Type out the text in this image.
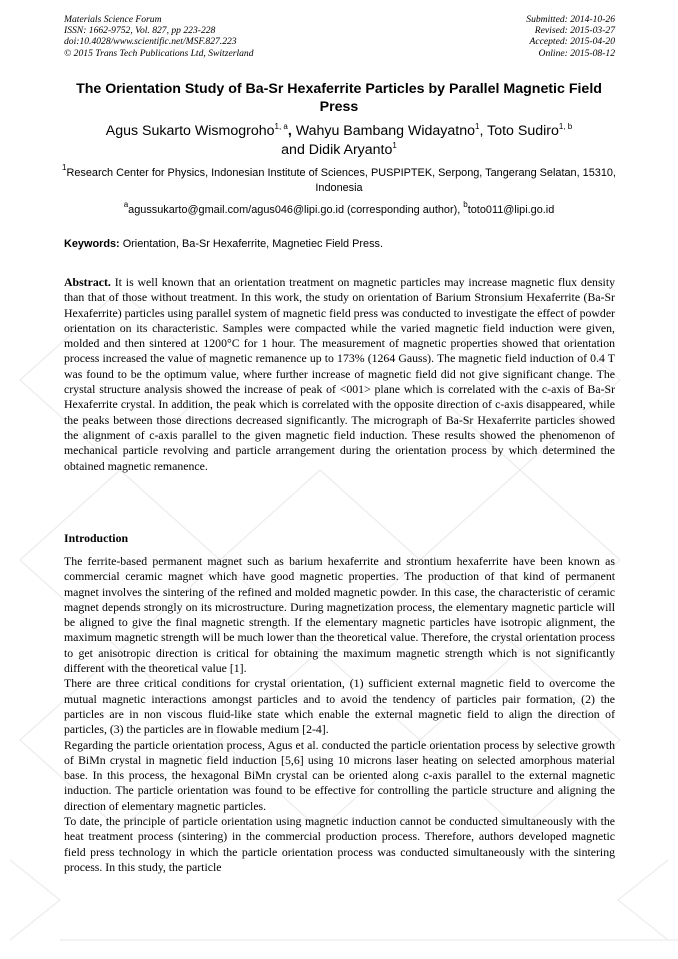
Materials Science Forum
ISSN: 1662-9752, Vol. 827, pp 223-228
doi:10.4028/www.scientific.net/MSF.827.223
© 2015 Trans Tech Publications Ltd, Switzerland
Submitted: 2014-10-26
Revised: 2015-03-27
Accepted: 2015-04-20
Online: 2015-08-12
The Orientation Study of Ba-Sr Hexaferrite Particles by Parallel Magnetic Field Press
Agus Sukarto Wismogroho$^{1, a}$, Wahyu Bambang Widayatno$^1$, Toto Sudiro$^{1, b}$
and Didik Aryanto$^1$
$^1$Research Center for Physics, Indonesian Institute of Sciences, PUSPIPTEK, Serpong, Tangerang Selatan, 15310, Indonesia
$^a$agussukarto@gmail.com/agus046@lipi.go.id (corresponding author), $^b$toto011@lipi.go.id
Keywords: Orientation, Ba-Sr Hexaferrite, Magnetiec Field Press.

Abstract. It is well known that an orientation treatment on magnetic particles may increase magnetic flux density than that of those without treatment. In this work, the study on orientation of Barium Stronsium Hexaferrite (Ba-Sr Hexaferrite) particles using parallel system of magnetic field press was conducted to investigate the effect of powder orientation on its characteristic. Samples were compacted while the varied magnetic field induction were given, molded and then sintered at 1200°C for 1 hour. The measurement of magnetic properties showed that orientation process increased the value of magnetic remanence up to 173% (1264 Gauss). The magnetic field induction of 0.4 T was found to be the optimum value, where further increase of magnetic field did not give significant change. The crystal structure analysis showed the increase of peak of <001> plane which is correlated with the c-axis of Ba-Sr Hexaferrite crystal. In addition, the peak which is correlated with the opposite direction of c-axis disappeared, while the peaks between those directions decreased significantly. The micrograph of Ba-Sr Hexaferrite particles showed the alignment of c-axis parallel to the given magnetic field induction. These results showed the phenomenon of mechanical particle revolving and particle arrangement during the orientation process by which determined the obtained magnetic remanence.

Introduction

The ferrite-based permanent magnet such as barium hexaferrite and strontium hexaferrite have been known as commercial ceramic magnet which have good magnetic properties. The production of that kind of permanent magnet involves the sintering of the refined and molded magnetic powder. In this case, the characteristic of ceramic magnet depends strongly on its microstructure. During magnetization process, the elementary magnetic particle will be aligned to give the final magnetic strength. If the elementary magnetic particles have isotropic alignment, the maximum magnetic strength will be much lower than the theoretical value. Therefore, the crystal orientation process to get anisotropic direction is critical for obtaining the maximum magnetic strength which is not significantly different with the theoretical value [1].

There are three critical conditions for crystal orientation, (1) sufficient external magnetic field to overcome the mutual magnetic interactions amongst particles and to avoid the tendency of particles pair formation, (2) the particles are in non viscous fluid-like state which enable the external magnetic field to align the direction of particles, (3) the particles are in flowable medium [2-4].

Regarding the particle orientation process, Agus et al. conducted the particle orientation process by selective growth of BiMn crystal in magnetic field induction [5,6] using 10 microns laser heating on selected amorphous material base. In this process, the hexagonal BiMn crystal can be oriented along c-axis parallel to the external magnetic induction. The particle orientation was found to be effective for controlling the particle structure and aligning the direction of elementary magnetic particles.

To date, the principle of particle orientation using magnetic induction cannot be conducted simultaneously with the heat treatment process (sintering) in the commercial production process. Therefore, authors developed magnetic field press technology in which the particle orientation process was conducted simultaneously with the sintering process. In this study, the particle
